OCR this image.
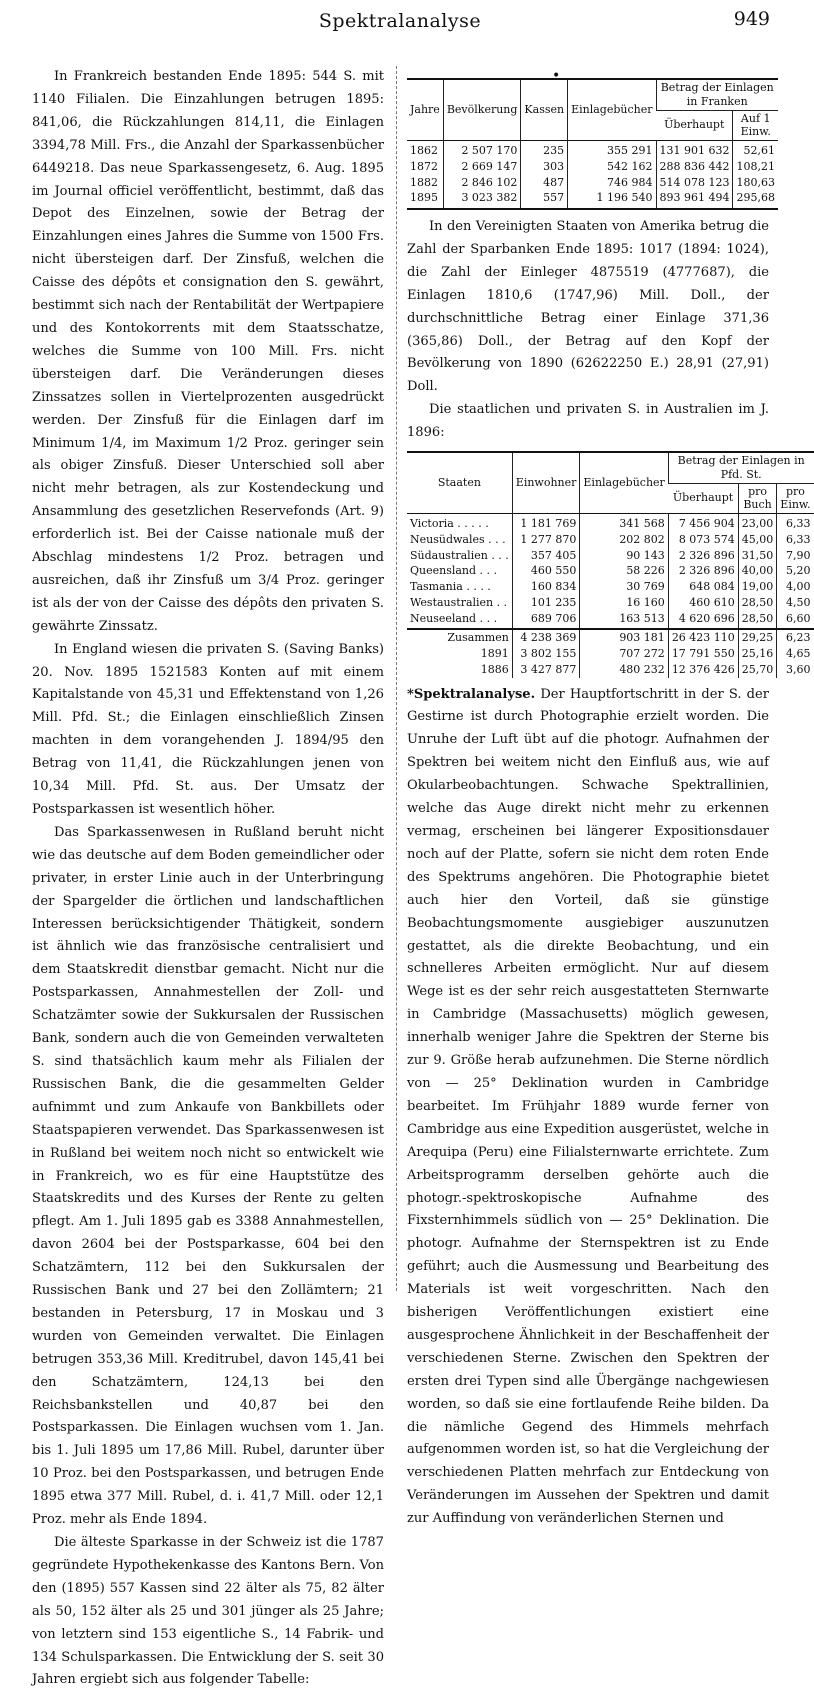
Spektralanalyse	949
•

In Frankreich bestanden Ende 1895: 544 S. mit 1140 Filialen. Die Einzahlungen betrugen 1895: 841,06, die Rückzahlungen 814,11, die Einlagen 3394,78 Mill. Frs., die Anzahl der Sparkassenbücher 6449218. Das neue Sparkassengesetz, 6. Aug. 1895 im Journal officiel veröffentlicht, bestimmt, daß das Depot des Einzelnen, sowie der Betrag der Einzahlungen eines Jahres die Summe von 1500 Frs. nicht übersteigen darf. Der Zinsfuß, welchen die Caisse des dépôts et consignation den S. gewährt, bestimmt sich nach der Rentabilität der Wertpapiere und des Kontokorrents mit dem Staatsschatze, welches die Summe von 100 Mill. Frs. nicht übersteigen darf. Die Veränderungen dieses Zinssatzes sollen in Viertelprozenten ausgedrückt werden. Der Zinsfuß für die Einlagen darf im Minimum 1/4, im Maximum 1/2 Proz. geringer sein als obiger Zinsfuß. Dieser Unterschied soll aber nicht mehr betragen, als zur Kostendeckung und Ansammlung des gesetzlichen Reservefonds (Art. 9) erforderlich ist. Bei der Caisse nationale muß der Abschlag mindestens 1/2 Proz. betragen und ausreichen, daß ihr Zinsfuß um 3/4 Proz. geringer ist als der von der Caisse des dépôts den privaten S. gewährte Zinssatz.

In England wiesen die privaten S. (Saving Banks) 20. Nov. 1895 1521583 Konten auf mit einem Kapitalstande von 45,31 und Effektenstand von 1,26 Mill. Pfd. St.; die Einlagen einschließlich Zinsen machten in dem vorangehenden J. 1894/95 den Betrag von 11,41, die Rückzahlungen jenen von 10,34 Mill. Pfd. St. aus. Der Umsatz der Postsparkassen ist wesentlich höher.

Das Sparkassenwesen in Rußland beruht nicht wie das deutsche auf dem Boden gemeindlicher oder privater, in erster Linie auch in der Unterbringung der Spargelder die örtlichen und landschaftlichen Interessen berücksichtigender Thätigkeit, sondern ist ähnlich wie das französische centralisiert und dem Staatskredit dienstbar gemacht. Nicht nur die Postsparkassen, Annahmestellen der Zoll- und Schatzämter sowie der Sukkursalen der Russischen Bank, sondern auch die von Gemeinden verwalteten S. sind thatsächlich kaum mehr als Filialen der Russischen Bank, die die gesammelten Gelder aufnimmt und zum Ankaufe von Bankbillets oder Staatspapieren verwendet. Das Sparkassenwesen ist in Rußland bei weitem noch nicht so entwickelt wie in Frankreich, wo es für eine Hauptstütze des Staatskredits und des Kurses der Rente zu gelten pflegt. Am 1. Juli 1895 gab es 3388 Annahmestellen, davon 2604 bei der Postsparkasse, 604 bei den Schatzämtern, 112 bei den Sukkursalen der Russischen Bank und 27 bei den Zollämtern; 21 bestanden in Petersburg, 17 in Moskau und 3 wurden von Gemeinden verwaltet. Die Einlagen betrugen 353,36 Mill. Kreditrubel, davon 145,41 bei den Schatzämtern, 124,13 bei den Reichsbankstellen und 40,87 bei den Postsparkassen. Die Einlagen wuchsen vom 1. Jan. bis 1. Juli 1895 um 17,86 Mill. Rubel, darunter über 10 Proz. bei den Postsparkassen, und betrugen Ende 1895 etwa 377 Mill. Rubel, d. i. 41,7 Mill. oder 12,1 Proz. mehr als Ende 1894.

Die älteste Sparkasse in der Schweiz ist die 1787 gegründete Hypothekenkasse des Kantons Bern. Von den (1895) 557 Kassen sind 22 älter als 75, 82 älter als 50, 152 älter als 25 und 301 jünger als 25 Jahre; von letztern sind 153 eigentliche S., 14 Fabrik- und 134 Schulsparkassen. Die Entwicklung der S. seit 30 Jahren ergiebt sich aus folgender Tabelle:

Jahre	Bevölkerung	Kassen	Einlagebücher	Betrag der Einlagen in Franken	
				Überhaupt	Auf 1 Einw.
1862	2 507 170	235	355 291	131 901 632	52,61
1872	2 669 147	303	542 162	288 836 442	108,21
1882	2 846 102	487	746 984	514 078 123	180,63
1895	3 023 382	557	1 196 540	893 961 494	295,68

In den Vereinigten Staaten von Amerika betrug die Zahl der Sparbanken Ende 1895: 1017 (1894: 1024), die Zahl der Einleger 4875519 (4777687), die Einlagen 1810,6 (1747,96) Mill. Doll., der durchschnittliche Betrag einer Einlage 371,36 (365,86) Doll., der Betrag auf den Kopf der Bevölkerung von 1890 (62622250 E.) 28,91 (27,91) Doll.

Die staatlichen und privaten S. in Australien im J. 1896:

Staaten	Einwohner	Einlagebücher	Betrag der Einlagen in Pfd. St.		
			Überhaupt	pro Buch	pro Einw.
Victoria . . . . .	1 181 769	341 568	7 456 904	23,00	6,33
Neusüdwales . . .	1 277 870	202 802	8 073 574	45,00	6,33
Südaustralien . . .	357 405	90 143	2 326 896	31,50	7,90
Queensland . . .	460 550	58 226	2 326 896	40,00	5,20
Tasmania . . . .	160 834	30 769	648 084	19,00	4,00
Westaustralien . .	101 235	16 160	460 610	28,50	4,50
Neuseeland . . .	689 706	163 513	4 620 696	28,50	6,60
Zusammen	4 238 369	903 181	26 423 110	29,25	6,23
1891	3 802 155	707 272	17 791 550	25,16	4,65
1886	3 427 877	480 232	12 376 426	25,70	3,60

*Spektralanalyse. Der Hauptfortschritt in der S. der Gestirne ist durch Photographie erzielt worden. Die Unruhe der Luft übt auf die photogr. Aufnahmen der Spektren bei weitem nicht den Einfluß aus, wie auf Okularbeobachtungen. Schwache Spektrallinien, welche das Auge direkt nicht mehr zu erkennen vermag, erscheinen bei längerer Expositionsdauer noch auf der Platte, sofern sie nicht dem roten Ende des Spektrums angehören. Die Photographie bietet auch hier den Vorteil, daß sie günstige Beobachtungsmomente ausgiebiger auszunutzen gestattet, als die direkte Beobachtung, und ein schnelleres Arbeiten ermöglicht. Nur auf diesem Wege ist es der sehr reich ausgestatteten Sternwarte in Cambridge (Massachusetts) möglich gewesen, innerhalb weniger Jahre die Spektren der Sterne bis zur 9. Größe herab aufzunehmen. Die Sterne nördlich von — 25° Deklination wurden in Cambridge bearbeitet. Im Frühjahr 1889 wurde ferner von Cambridge aus eine Expedition ausgerüstet, welche in Arequipa (Peru) eine Filialsternwarte errichtete. Zum Arbeitsprogramm derselben gehörte auch die photogr.-spektroskopische Aufnahme des Fixsternhimmels südlich von — 25° Deklination. Die photogr. Aufnahme der Sternspektren ist zu Ende geführt; auch die Ausmessung und Bearbeitung des Materials ist weit vorgeschritten. Nach den bisherigen Veröffentlichungen existiert eine ausgesprochene Ähnlichkeit in der Beschaffenheit der verschiedenen Sterne. Zwischen den Spektren der ersten drei Typen sind alle Übergänge nachgewiesen worden, so daß sie eine fortlaufende Reihe bilden. Da die nämliche Gegend des Himmels mehrfach aufgenommen worden ist, so hat die Vergleichung der verschiedenen Platten mehrfach zur Entdeckung von Veränderungen im Aussehen der Spektren und damit zur Auffindung von veränderlichen Sternen und
